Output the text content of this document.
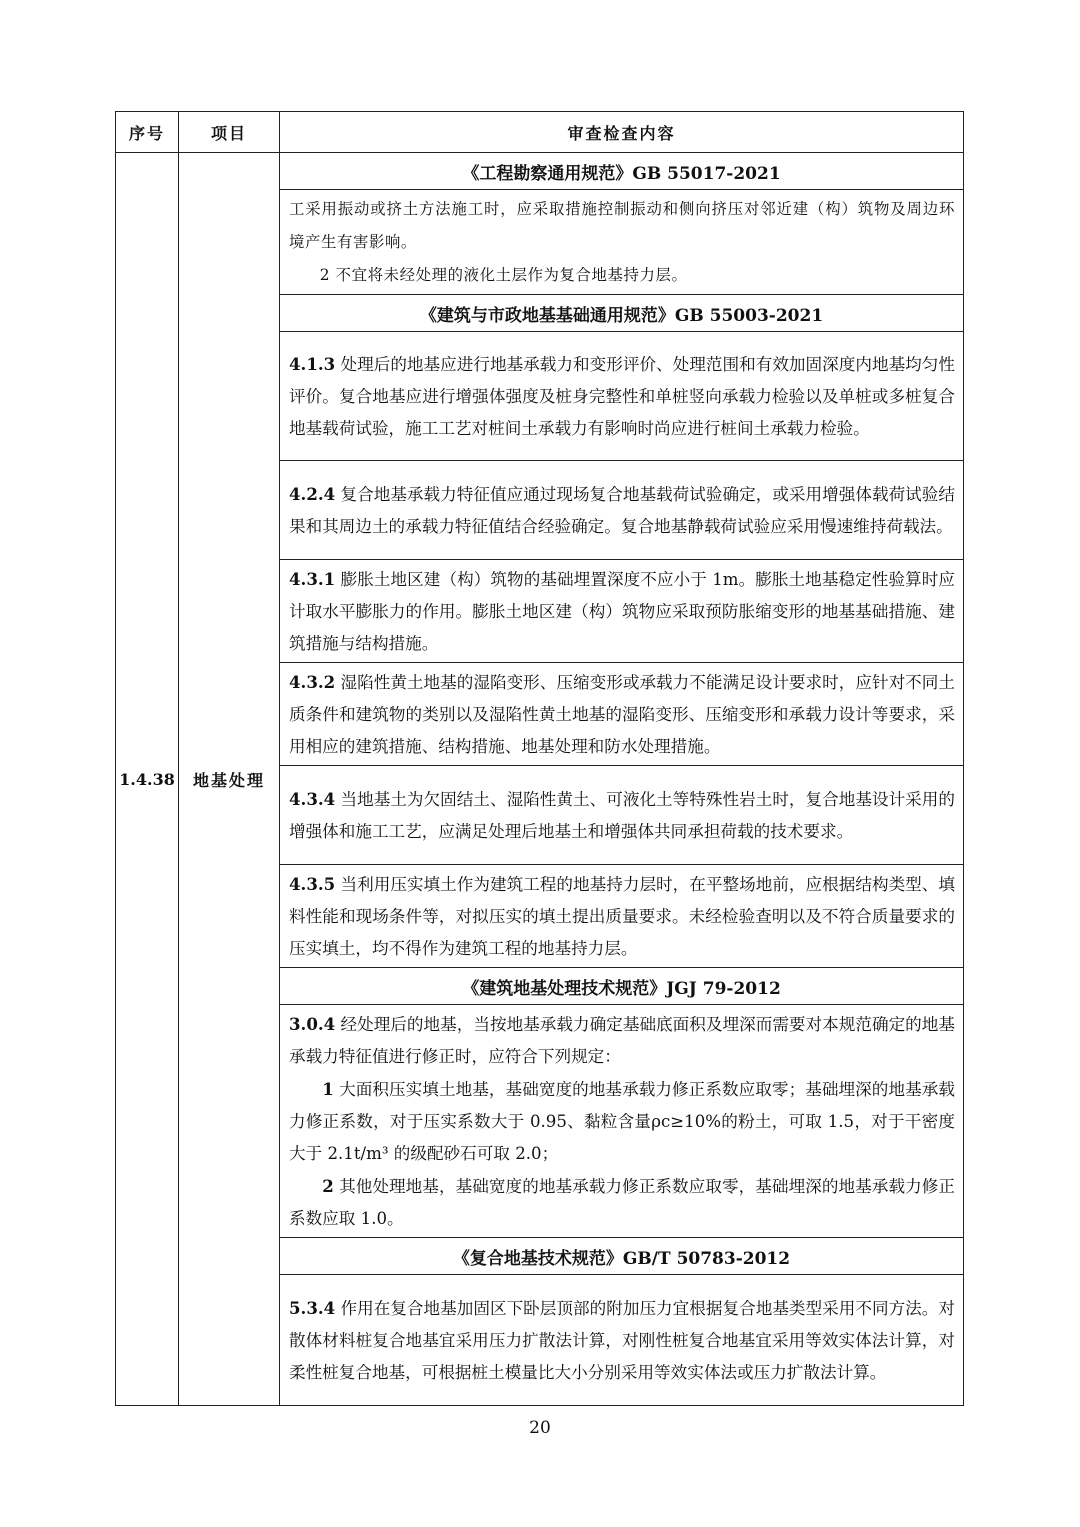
序号	项目	审查检查内容
1.4.38	地基处理	《工程勘察通用规范》GB 55017-2021

		工采用振动或挤土方法施工时，应采取措施控制振动和侧向挤压对邻近建（构）筑物及周边环境产生有害影响。

2 不宜将未经处理的液化土层作为复合地基持力层。

		《建筑与市政地基基础通用规范》GB 55003-2021

		4.1.3 处理后的地基应进行地基承载力和变形评价、处理范围和有效加固深度内地基均匀性评价。复合地基应进行增强体强度及桩身完整性和单桩竖向承载力检验以及单桩或多桩复合地基载荷试验，施工工艺对桩间土承载力有影响时尚应进行桩间土承载力检验。

		4.2.4 复合地基承载力特征值应通过现场复合地基载荷试验确定，或采用增强体载荷试验结果和其周边土的承载力特征值结合经验确定。复合地基静载荷试验应采用慢速维持荷载法。

		4.3.1 膨胀土地区建（构）筑物的基础埋置深度不应小于 1m。膨胀土地基稳定性验算时应计取水平膨胀力的作用。膨胀土地区建（构）筑物应采取预防胀缩变形的地基基础措施、建筑措施与结构措施。

		4.3.2 湿陷性黄土地基的湿陷变形、压缩变形或承载力不能满足设计要求时，应针对不同土质条件和建筑物的类别以及湿陷性黄土地基的湿陷变形、压缩变形和承载力设计等要求，采用相应的建筑措施、结构措施、地基处理和防水处理措施。

		4.3.4 当地基土为欠固结土、湿陷性黄土、可液化土等特殊性岩土时，复合地基设计采用的增强体和施工工艺，应满足处理后地基土和增强体共同承担荷载的技术要求。

		4.3.5 当利用压实填土作为建筑工程的地基持力层时，在平整场地前，应根据结构类型、填料性能和现场条件等，对拟压实的填土提出质量要求。未经检验查明以及不符合质量要求的压实填土，均不得作为建筑工程的地基持力层。

		《建筑地基处理技术规范》JGJ 79-2012

		3.0.4 经处理后的地基，当按地基承载力确定基础底面积及埋深而需要对本规范确定的地基承载力特征值进行修正时，应符合下列规定：

1 大面积压实填土地基，基础宽度的地基承载力修正系数应取零；基础埋深的地基承载力修正系数，对于压实系数大于 0.95、黏粒含量ρc≥10%的粉土，可取 1.5，对于干密度大于 2.1t/m³ 的级配砂石可取 2.0；

2 其他处理地基，基础宽度的地基承载力修正系数应取零，基础埋深的地基承载力修正系数应取 1.0。

		《复合地基技术规范》GB/T 50783-2012

		5.3.4 作用在复合地基加固区下卧层顶部的附加压力宜根据复合地基类型采用不同方法。对散体材料桩复合地基宜采用压力扩散法计算，对刚性桩复合地基宜采用等效实体法计算，对柔性桩复合地基，可根据桩土模量比大小分别采用等效实体法或压力扩散法计算。

20
